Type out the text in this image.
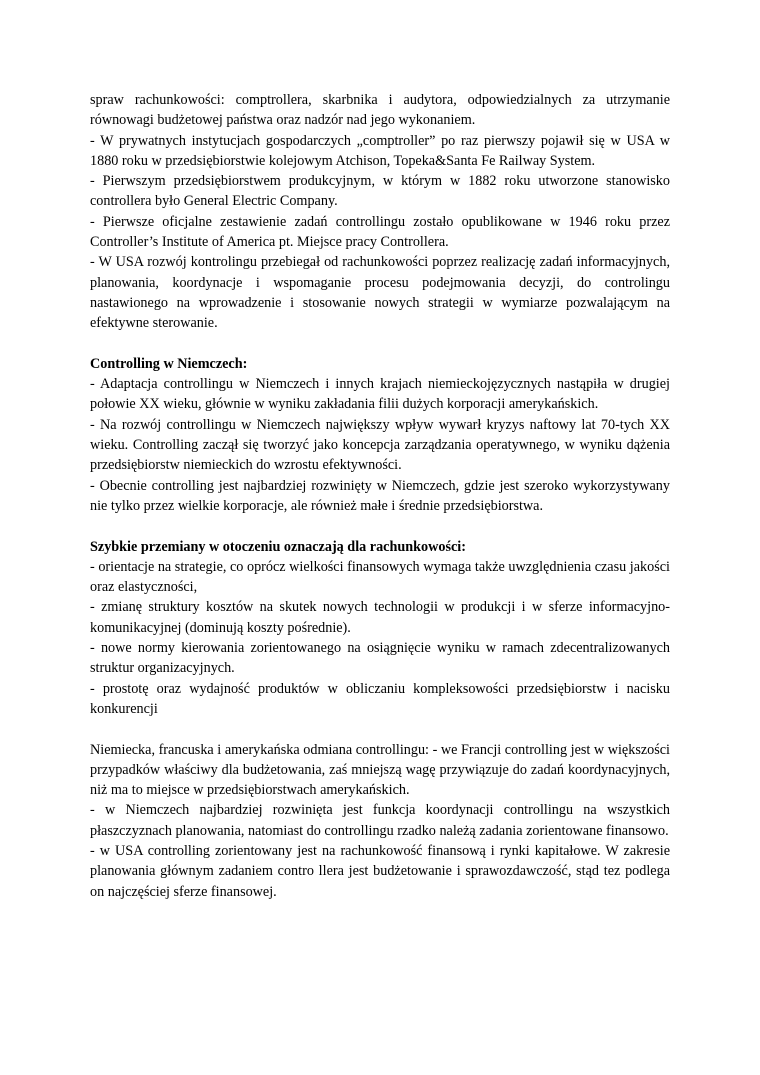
spraw rachunkowości: comptrollera, skarbnika i audytora, odpowiedzialnych za utrzymanie równowagi budżetowej państwa oraz nadzór nad jego wykonaniem.

- W prywatnych instytucjach gospodarczych „comptroller” po raz pierwszy pojawił się w USA w 1880 roku w przedsiębiorstwie kolejowym Atchison, Topeka&Santa Fe Railway System.

- Pierwszym przedsiębiorstwem produkcyjnym, w którym w 1882 roku utworzone stanowisko controllera było General Electric Company.

- Pierwsze oficjalne zestawienie zadań controllingu zostało opublikowane w 1946 roku przez Controller’s Institute of America pt. Miejsce pracy Controllera.

- W USA rozwój kontrolingu przebiegał od rachunkowości poprzez realizację zadań informacyjnych, planowania, koordynacje i wspomaganie procesu podejmowania decyzji, do controlingu nastawionego na wprowadzenie i stosowanie nowych strategii w wymiarze pozwalającym na efektywne sterowanie.

Controlling w Niemczech:

- Adaptacja controllingu w Niemczech i innych krajach niemieckojęzycznych nastąpiła w drugiej połowie XX wieku, głównie w wyniku zakładania filii dużych korporacji amerykańskich.

- Na rozwój controllingu w Niemczech największy wpływ wywarł kryzys naftowy lat 70-tych XX wieku. Controlling zaczął się tworzyć jako koncepcja zarządzania operatywnego, w wyniku dążenia przedsiębiorstw niemieckich do wzrostu efektywności.

- Obecnie controlling jest najbardziej rozwinięty w Niemczech, gdzie jest szeroko wykorzystywany nie tylko przez wielkie korporacje, ale również małe i średnie przedsiębiorstwa.

Szybkie przemiany w otoczeniu oznaczają dla rachunkowości:

- orientacje na strategie, co oprócz wielkości finansowych wymaga także uwzględnienia czasu jakości oraz elastyczności,

- zmianę struktury kosztów na skutek nowych technologii w produkcji i w sferze informacyjno-komunikacyjnej (dominują koszty pośrednie).

- nowe normy kierowania zorientowanego na osiągnięcie wyniku w ramach zdecentralizowanych struktur organizacyjnych.

- prostotę oraz wydajność produktów w obliczaniu kompleksowości przedsiębiorstw i nacisku konkurencji

Niemiecka, francuska i amerykańska odmiana controllingu: - we Francji controlling jest w większości przypadków właściwy dla budżetowania, zaś mniejszą wagę przywiązuje do zadań koordynacyjnych, niż ma to miejsce w przedsiębiorstwach amerykańskich.

- w Niemczech najbardziej rozwinięta jest funkcja koordynacji controllingu na wszystkich płaszczyznach planowania, natomiast do controllingu rzadko należą zadania zorientowane finansowo.

- w USA controlling zorientowany jest na rachunkowość finansową i rynki kapitałowe. W zakresie planowania głównym zadaniem contro llera jest budżetowanie i sprawozdawczość, stąd tez podlega on najczęściej sferze finansowej.
